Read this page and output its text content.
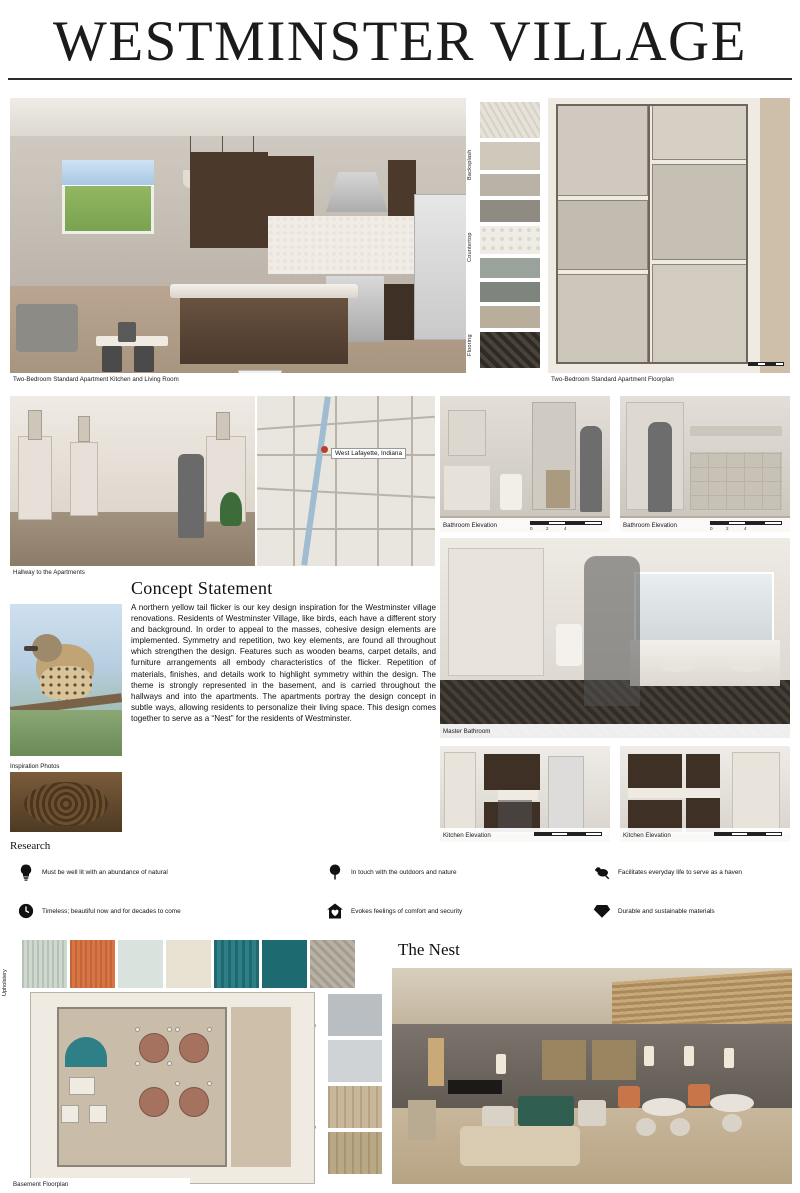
WESTMINSTER VILLAGE
Two-Bedroom Standard Apartment Kitchen and Living Room
Backsplash
Countertop
Flooring
Two-Bedroom Standard Apartment Floorplan
Hallway to the Apartments
West Lafayette, Indiana
Bathroom Elevation	0	2	4	Bathroom Elevation	0	2	4
Master Bathroom
Kitchen Elevation	Kitchen Elevation
Concept Statement
A northern yellow tail flicker is our key design inspiration for the Westminster village renovations. Residents of Westminster Village, like birds, each have a different story and background. In order to appeal to the masses, cohesive design elements are implemented. Symmetry and repetition, two key elements, are found all throughout which strengthen the design. Features such as wooden beams, carpet details, and furniture arrangements all embody characteristics of the flicker. Repetition of materials, finishes, and details work to highlight symmetry within the design. The theme is strongly represented in the basement, and is carried throughout the hallways and into the apartments. The apartments portray the design concept in subtle ways, allowing residents to personalize their living space. This design comes together to serve as a “Nest” for the residents of Westminster.
Inspiration Photos
Research
Must be well lit with an abundance of natural	In touch with the outdoors and nature	Facilitates everyday life to serve as a haven
Timeless; beautiful now and for decades to come	Evokes feelings of comfort and security	Durable and sustainable materials
Upholstery
Basement Floorplan
The Nest
